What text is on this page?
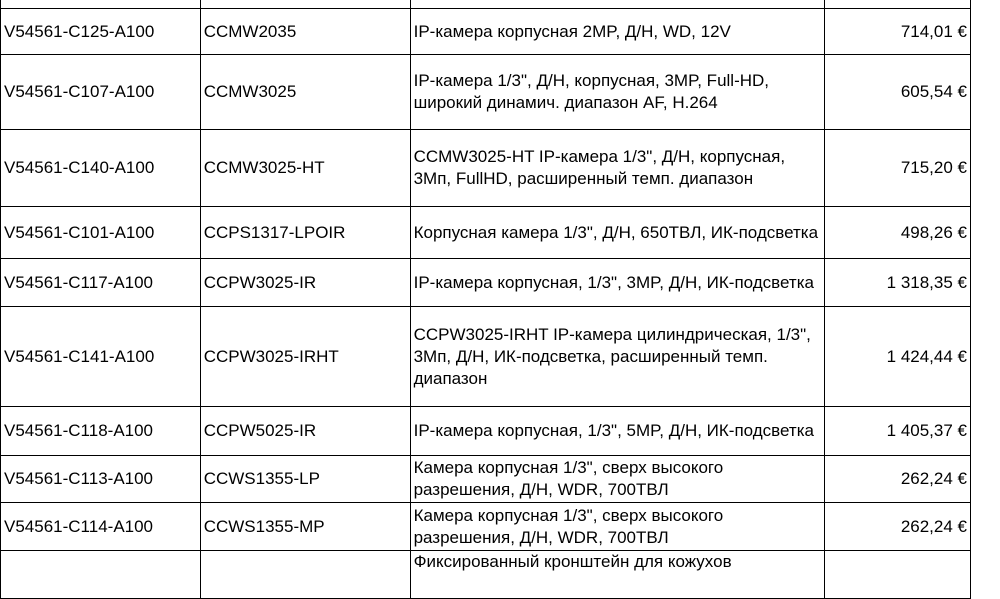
V54561-C125-A100	CCMW2035	IP-камера корпусная 2MP, Д/Н, WD, 12V	714,01 €
V54561-C107-A100	CCMW3025	IP-камера 1/3", Д/Н, корпусная, 3MP, Full-HD, широкий динамич. диапазон AF, H.264	605,54 €
V54561-C140-A100	CCMW3025-HT	CCMW3025-HT IP-камера 1/3", Д/Н, корпусная, 3Мп, FullHD, расширенный темп. диапазон	715,20 €
V54561-C101-A100	CCPS1317-LPOIR	Корпусная камера 1/3", Д/Н, 650ТВЛ, ИК-подсветка	498,26 €
V54561-C117-A100	CCPW3025-IR	IP-камера корпусная, 1/3", 3MP, Д/Н, ИК-подсветка	1 318,35 €
V54561-C141-A100	CCPW3025-IRHT	CCPW3025-IRHT IP-камера цилиндрическая, 1/3", 3Мп, Д/Н, ИК-подсветка, расширенный темп. диапазон	1 424,44 €
V54561-C118-A100	CCPW5025-IR	IP-камера корпусная, 1/3", 5MP, Д/Н, ИК-подсветка	1 405,37 €
V54561-C113-A100	CCWS1355-LP	Камера корпусная 1/3", сверх высокого разрешения, Д/Н, WDR, 700ТВЛ	262,24 €
V54561-C114-A100	CCWS1355-MP	Камера корпусная 1/3", сверх высокого разрешения, Д/Н, WDR, 700ТВЛ	262,24 €
		Фиксированный кронштейн для кожухов	
